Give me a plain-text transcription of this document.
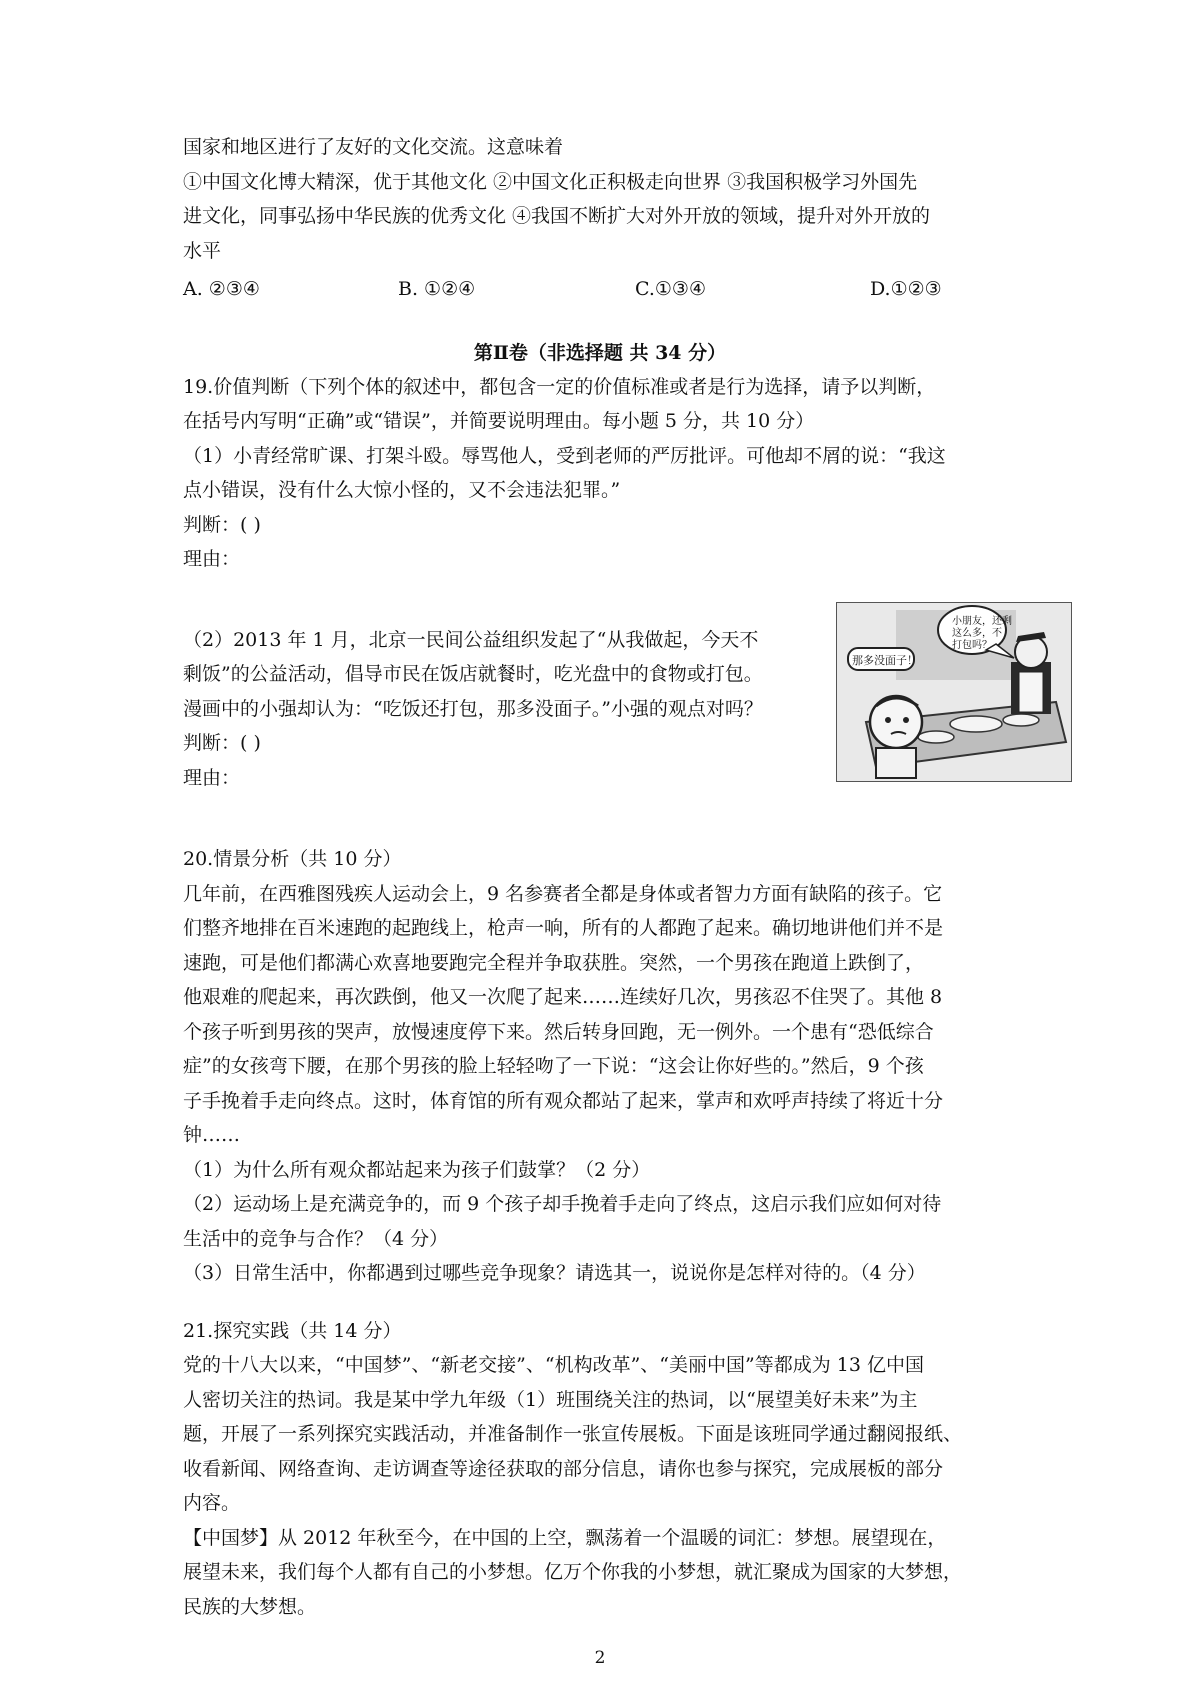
国家和地区进行了友好的文化交流。这意味着
①中国文化博大精深，优于其他文化 ②中国文化正积极走向世界 ③我国积极学习外国先
进文化，同事弘扬中华民族的优秀文化 ④我国不断扩大对外开放的领域，提升对外开放的
水平
A. ②③④	B. ①②④	C.①③④	D.①②③
第Ⅱ卷（非选择题 共 34 分）
19.价值判断（下列个体的叙述中，都包含一定的价值标准或者是行为选择，请予以判断，
在括号内写明“正确”或“错误”，并简要说明理由。每小题 5 分，共 10 分）
（1）小青经常旷课、打架斗殴。辱骂他人，受到老师的严厉批评。可他却不屑的说：“我这
点小错误，没有什么大惊小怪的，又不会违法犯罪。”
判断：( )
理由：
（2）2013 年 1 月，北京一民间公益组织发起了“从我做起，今天不
剩饭”的公益活动，倡导市民在饭店就餐时，吃光盘中的食物或打包。
漫画中的小强却认为：“吃饭还打包，那多没面子。”小强的观点对吗？
判断：( )
理由：
小朋友，还剩
这么多，不
打包吗？
那多没面子！
20.情景分析（共 10 分）
几年前，在西雅图残疾人运动会上，9 名参赛者全都是身体或者智力方面有缺陷的孩子。它
们整齐地排在百米速跑的起跑线上，枪声一响，所有的人都跑了起来。确切地讲他们并不是
速跑，可是他们都满心欢喜地要跑完全程并争取获胜。突然，一个男孩在跑道上跌倒了，
他艰难的爬起来，再次跌倒，他又一次爬了起来……连续好几次，男孩忍不住哭了。其他 8
个孩子听到男孩的哭声，放慢速度停下来。然后转身回跑，无一例外。一个患有“恐低综合
症”的女孩弯下腰，在那个男孩的脸上轻轻吻了一下说：“这会让你好些的。”然后，9 个孩
子手挽着手走向终点。这时，体育馆的所有观众都站了起来，掌声和欢呼声持续了将近十分
钟……
（1）为什么所有观众都站起来为孩子们鼓掌？（2 分）
（2）运动场上是充满竞争的，而 9 个孩子却手挽着手走向了终点，这启示我们应如何对待
生活中的竞争与合作？（4 分）
（3）日常生活中，你都遇到过哪些竞争现象？请选其一，说说你是怎样对待的。（4 分）
21.探究实践（共 14 分）
党的十八大以来，“中国梦”、“新老交接”、“机构改革”、“美丽中国”等都成为 13 亿中国
人密切关注的热词。我是某中学九年级（1）班围绕关注的热词，以“展望美好未来”为主
题，开展了一系列探究实践活动，并准备制作一张宣传展板。下面是该班同学通过翻阅报纸、
收看新闻、网络查询、走访调查等途径获取的部分信息，请你也参与探究，完成展板的部分
内容。
【中国梦】从 2012 年秋至今，在中国的上空，飘荡着一个温暖的词汇：梦想。展望现在，
展望未来，我们每个人都有自己的小梦想。亿万个你我的小梦想，就汇聚成为国家的大梦想，
民族的大梦想。
2
